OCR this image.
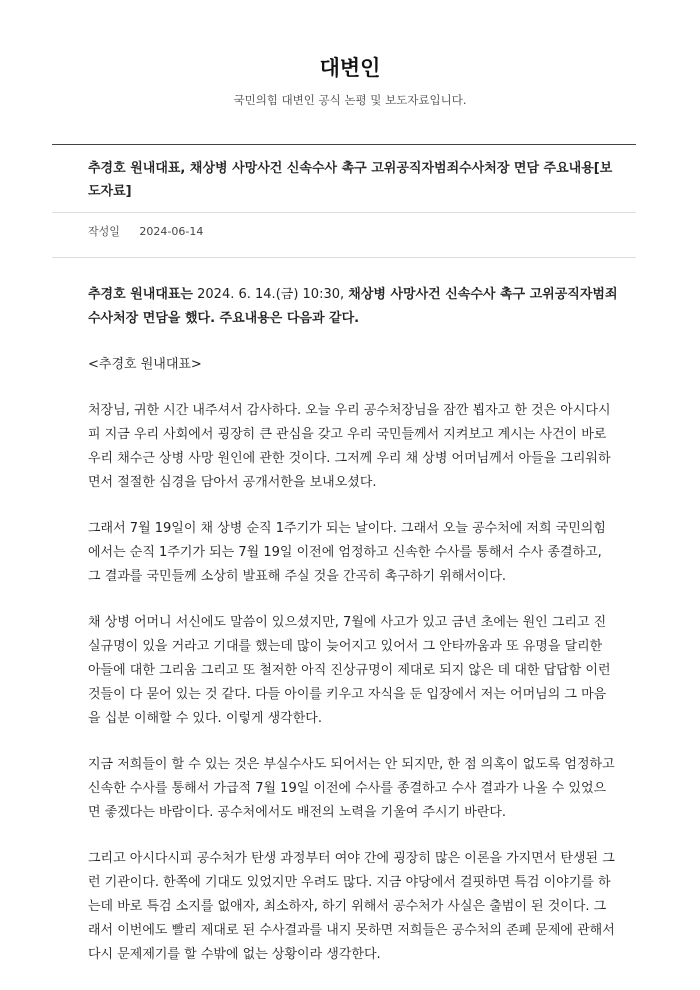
대변인
국민의힘 대변인 공식 논평 및 보도자료입니다.
추경호 원내대표, 채상병 사망사건 신속수사 촉구 고위공직자범죄수사처장 면담 주요내용[보도자료]
작성일 2024-06-14

추경호 원내대표는 2024. 6. 14.(금) 10:30, 채상병 사망사건 신속수사 촉구 고위공직자범죄수사처장 면담을 했다. 주요내용은 다음과 같다.

<추경호 원내대표>

처장님, 귀한 시간 내주셔서 감사하다. 오늘 우리 공수처장님을 잠깐 뵙자고 한 것은 아시다시피 지금 우리 사회에서 굉장히 큰 관심을 갖고 우리 국민들께서 지켜보고 계시는 사건이 바로 우리 채수근 상병 사망 원인에 관한 것이다. 그저께 우리 채 상병 어머님께서 아들을 그리워하면서 절절한 심경을 담아서 공개서한을 보내오셨다.

그래서 7월 19일이 채 상병 순직 1주기가 되는 날이다. 그래서 오늘 공수처에 저희 국민의힘에서는 순직 1주기가 되는 7월 19일 이전에 엄정하고 신속한 수사를 통해서 수사 종결하고, 그 결과를 국민들께 소상히 발표해 주실 것을 간곡히 촉구하기 위해서이다.

채 상병 어머니 서신에도 말씀이 있으셨지만, 7월에 사고가 있고 금년 초에는 원인 그리고 진실규명이 있을 거라고 기대를 했는데 많이 늦어지고 있어서 그 안타까움과 또 유명을 달리한 아들에 대한 그리움 그리고 또 철저한 아직 진상규명이 제대로 되지 않은 데 대한 답답함 이런 것들이 다 묻어 있는 것 같다. 다들 아이를 키우고 자식을 둔 입장에서 저는 어머님의 그 마음을 십분 이해할 수 있다. 이렇게 생각한다.

지금 저희들이 할 수 있는 것은 부실수사도 되어서는 안 되지만, 한 점 의혹이 없도록 엄정하고 신속한 수사를 통해서 가급적 7월 19일 이전에 수사를 종결하고 수사 결과가 나올 수 있었으면 좋겠다는 바람이다. 공수처에서도 배전의 노력을 기울여 주시기 바란다.

그리고 아시다시피 공수처가 탄생 과정부터 여야 간에 굉장히 많은 이론을 가지면서 탄생된 그런 기관이다. 한쪽에 기대도 있었지만 우려도 많다. 지금 야당에서 걸핏하면 특검 이야기를 하는데 바로 특검 소지를 없애자, 최소하자, 하기 위해서 공수처가 사실은 출범이 된 것이다. 그래서 이번에도 빨리 제대로 된 수사결과를 내지 못하면 저희들은 공수처의 존폐 문제에 관해서 다시 문제제기를 할 수밖에 없는 상황이라 생각한다.
